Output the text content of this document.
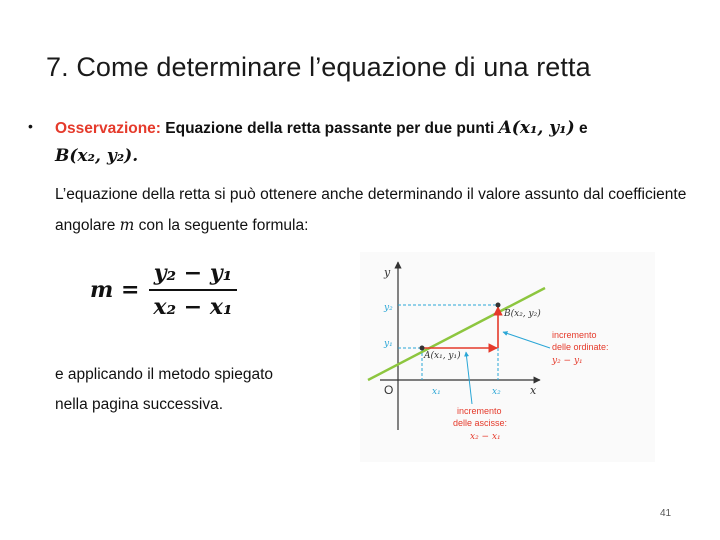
7. Come determinare l’equazione di una retta
• Osservazione: Equazione della retta passante per due punti A(x₁, y₁) e
B(x₂, y₂).
L’equazione della retta si può ottenere anche determinando il valore assunto dal coefficiente angolare m con la seguente formula:
$m = \frac{\text{y₂ − y₁}}{\text{x₂ − x₁}}$
e applicando il metodo spiegato
nella pagina successiva.
y
x
O
y₂
y₁
x₁	x₂
B(x₂, y₂)
A(x₁, y₁)
incremento
delle ordinate:
y₂ − y₁
incremento
delle ascisse:
x₂ − x₁
41
